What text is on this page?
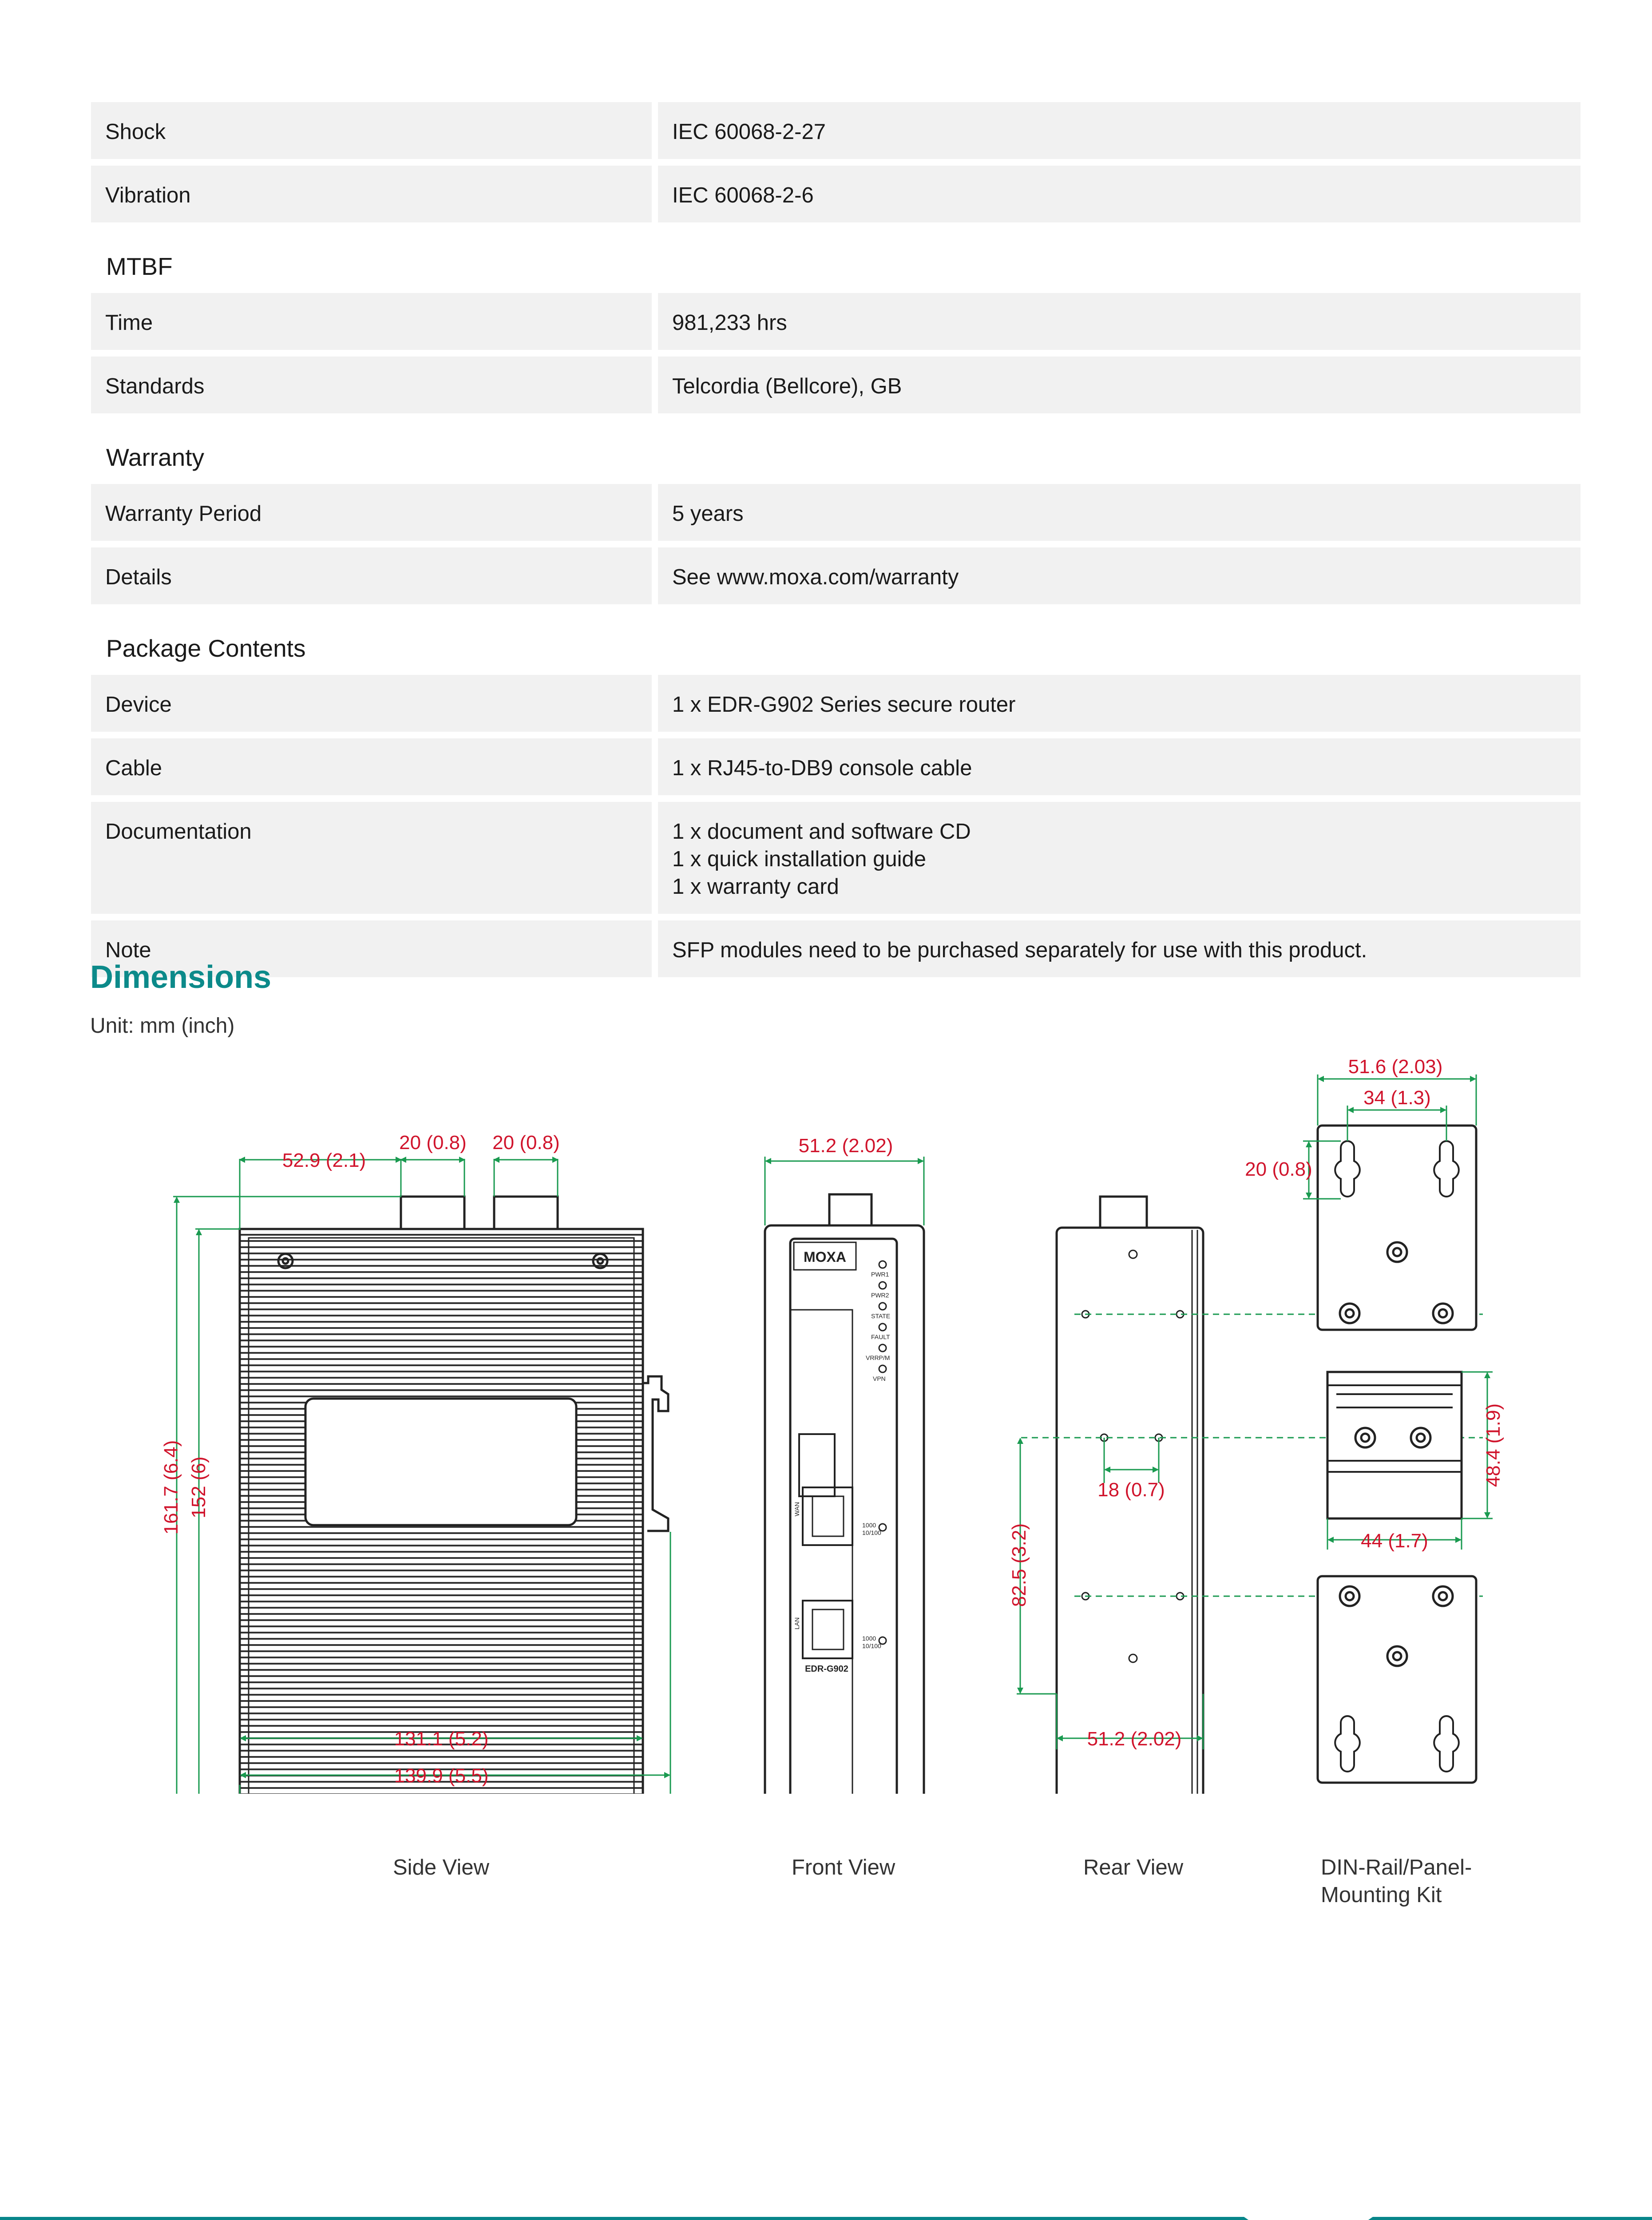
Shock	IEC 60068-2-27
Vibration	IEC 60068-2-6
MTBF
Time	981,233 hrs
Standards	Telcordia (Bellcore), GB
Warranty
Warranty Period	5 years
Details	See www.moxa.com/warranty
Package Contents
Device	1 x EDR-G902 Series secure router
Cable	1 x RJ45-to-DB9 console cable
Documentation	1 x document and software CD
1 x quick installation guide
1 x warranty card
Note	SFP modules need to be purchased separately for use with this product.
Dimensions
Unit: mm (inch)
52.9 (2.1)
20 (0.8) 20 (0.8)
161.7 (6.4) 152 (6)
131.1 (5.2)
139.9 (5.5)
MOXA
PWR1
PWR2
STATE
FAULT
VRRP/M
VPN
WAN
LAN
1000
10/100
1000
10/100
EDR-G902
51.2 (2.02)
18 (0.7)
82.5 (3.2)
51.2 (2.02)
51.6 (2.03)
34 (1.3)
20 (0.8)
48.4 (1.9)
44 (1.7)
Side View	Front View	Rear View	DIN-Rail/Panel-
Mounting Kit
